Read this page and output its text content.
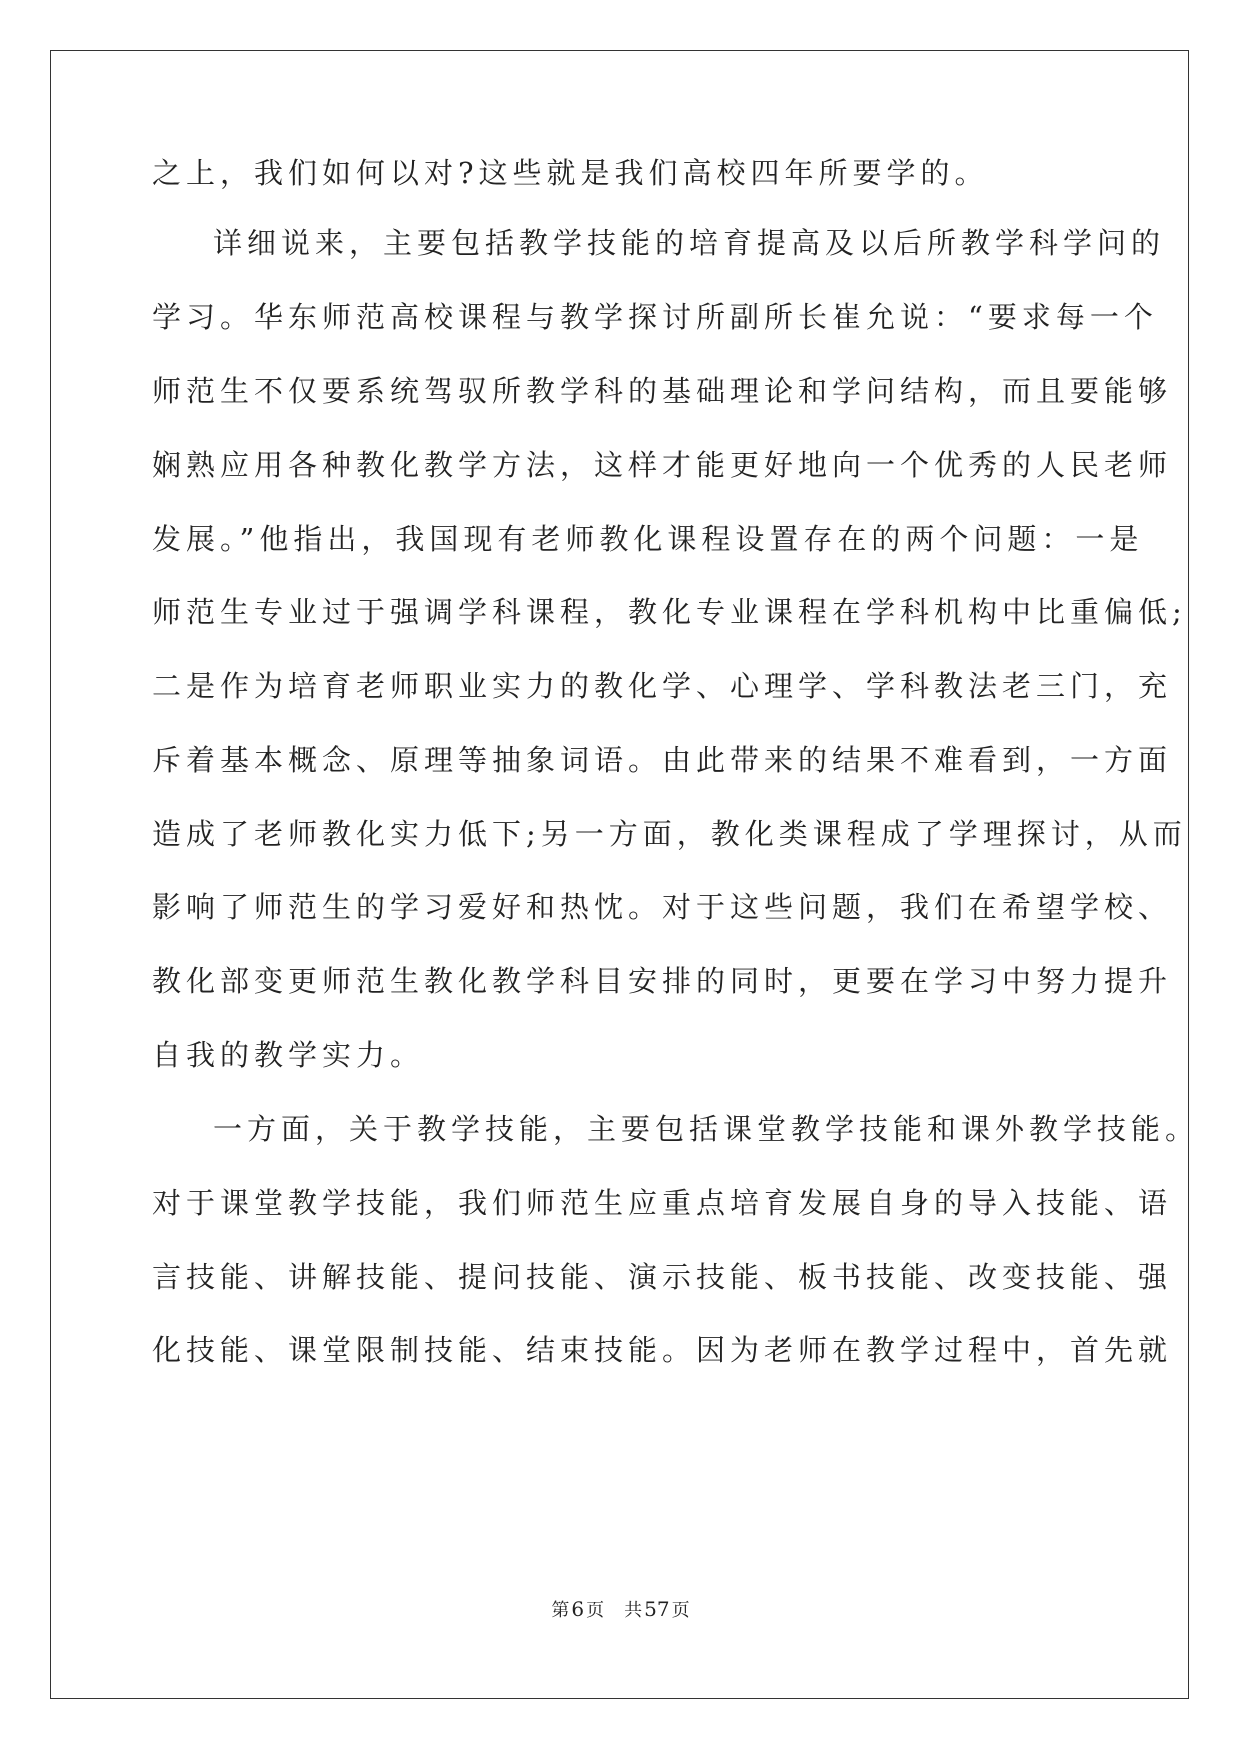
之上，我们如何以对?这些就是我们高校四年所要学的。
详细说来，主要包括教学技能的培育提高及以后所教学科学问的
学习。华东师范高校课程与教学探讨所副所长崔允说：“要求每一个
师范生不仅要系统驾驭所教学科的基础理论和学问结构，而且要能够
娴熟应用各种教化教学方法，这样才能更好地向一个优秀的人民老师
发展。”他指出，我国现有老师教化课程设置存在的两个问题：一是
师范生专业过于强调学科课程，教化专业课程在学科机构中比重偏低;
二是作为培育老师职业实力的教化学、心理学、学科教法老三门，充
斥着基本概念、原理等抽象词语。由此带来的结果不难看到，一方面
造成了老师教化实力低下;另一方面，教化类课程成了学理探讨，从而
影响了师范生的学习爱好和热忱。对于这些问题，我们在希望学校、
教化部变更师范生教化教学科目安排的同时，更要在学习中努力提升
自我的教学实力。
一方面，关于教学技能，主要包括课堂教学技能和课外教学技能。
对于课堂教学技能，我们师范生应重点培育发展自身的导入技能、语
言技能、讲解技能、提问技能、演示技能、板书技能、改变技能、强
化技能、课堂限制技能、结束技能。因为老师在教学过程中，首先就
第 6 页 共 57 页
